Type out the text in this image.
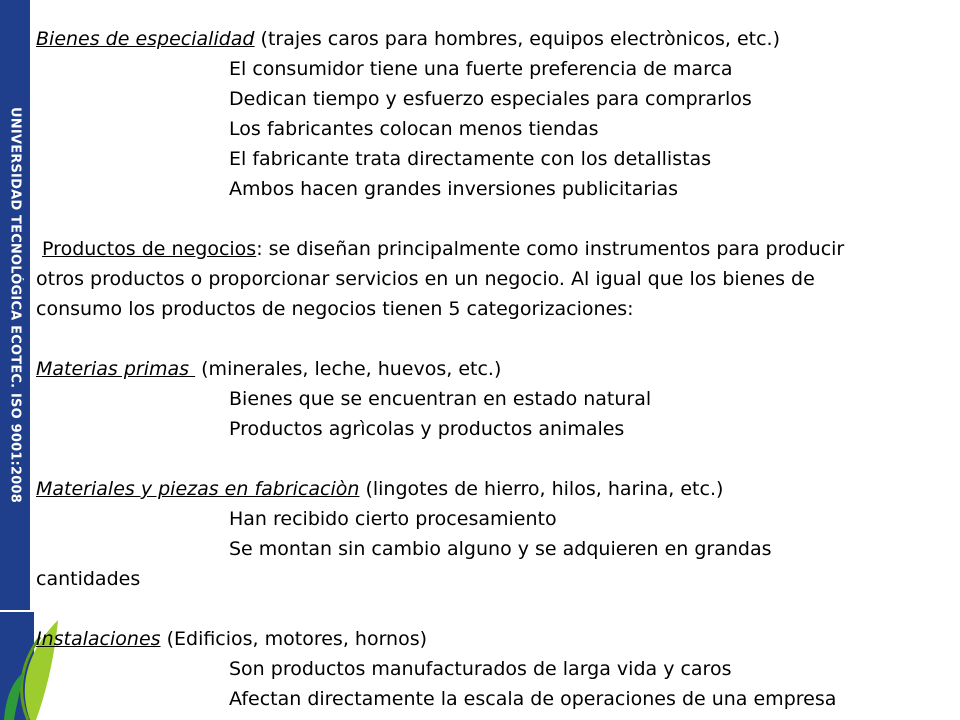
UNIVERSIDAD TECNOLÓGICA ECOTEC. ISO 9001:2008
Bienes de especialidad (trajes caros para hombres, equipos electrònicos, etc.)
El consumidor tiene una fuerte preferencia de marca
Dedican tiempo y esfuerzo especiales para comprarlos
Los fabricantes colocan menos tiendas
El fabricante trata directamente con los detallistas
Ambos hacen grandes inversiones publicitarias
Productos de negocios: se diseñan principalmente como instrumentos para producir
otros productos o proporcionar servicios en un negocio. Al igual que los bienes de
consumo los productos de negocios tienen 5 categorizaciones:
Materias primas  (minerales, leche, huevos, etc.)
Bienes que se encuentran en estado natural
Productos agrìcolas y productos animales
Materiales y piezas en fabricaciòn (lingotes de hierro, hilos, harina, etc.)
Han recibido cierto procesamiento
Se montan sin cambio alguno y se adquieren en grandas
cantidades
Instalaciones (Edificios, motores, hornos)
Son productos manufacturados de larga vida y caros
Afectan directamente la escala de operaciones de una empresa
